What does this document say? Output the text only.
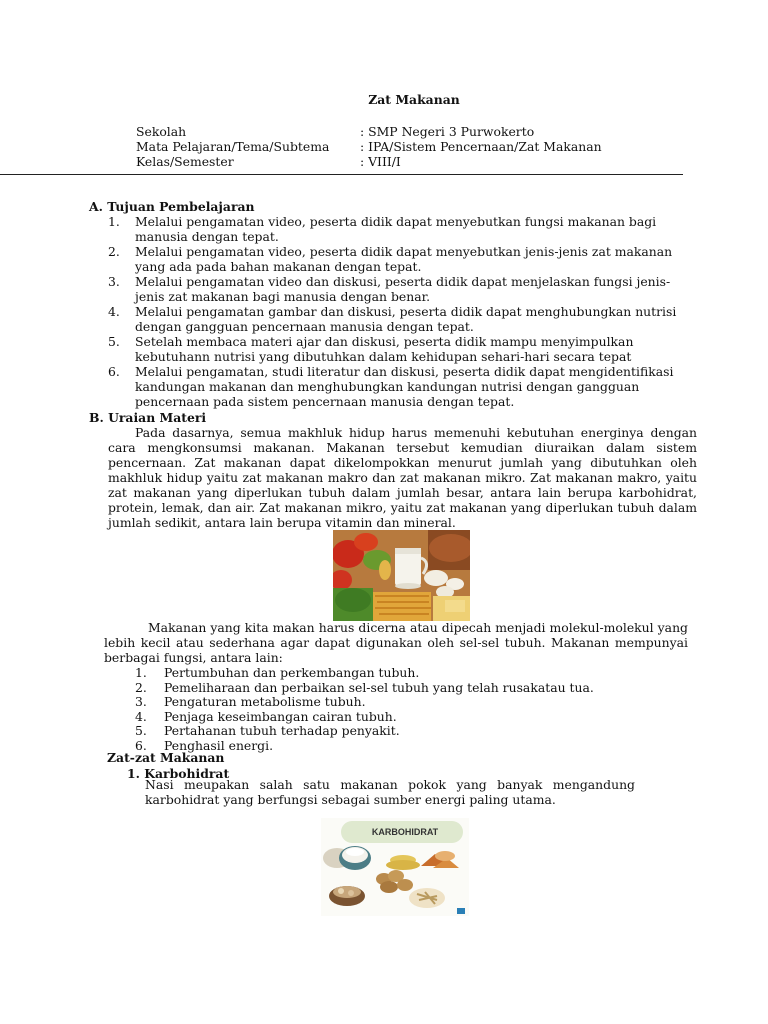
Zat Makanan
Sekolah	: SMP Negeri 3 Purwokerto
Mata Pelajaran/Tema/Subtema : IPA/Sistem Pencernaan/Zat Makanan
Kelas/Semester	: VIII/I
A. Tujuan Pembelajaran
1. Melalui pengamatan video, peserta didik dapat menyebutkan fungsi makanan bagi manusia dengan tepat.
2. Melalui pengamatan video, peserta didik dapat menyebutkan jenis-jenis zat makanan yang ada pada bahan makanan dengan tepat.
3. Melalui pengamatan video dan diskusi, peserta didik dapat menjelaskan fungsi jenis-jenis zat makanan bagi manusia dengan benar.
4. Melalui pengamatan gambar dan diskusi, peserta didik dapat menghubungkan nutrisi dengan gangguan pencernaan manusia dengan tepat.
5. Setelah membaca materi ajar dan diskusi, peserta didik mampu menyimpulkan kebutuhann nutrisi yang dibutuhkan dalam kehidupan sehari-hari secara tepat
6. Melalui pengamatan, studi literatur dan diskusi, peserta didik dapat mengidentifikasi kandungan makanan dan menghubungkan kandungan nutrisi dengan gangguan pencernaan pada sistem pencernaan manusia dengan tepat.
B. Uraian Materi
Pada dasarnya, semua makhluk hidup harus memenuhi kebutuhan energinya dengan cara mengkonsumsi makanan. Makanan tersebut kemudian diuraikan dalam sistem pencernaan. Zat makanan dapat dikelompokkan menurut jumlah yang dibutuhkan oleh makhluk hidup yaitu zat makanan makro dan zat makanan mikro. Zat makanan makro, yaitu zat makanan yang diperlukan tubuh dalam jumlah besar, antara lain berupa karbohidrat, protein, lemak, dan air. Zat makanan mikro, yaitu zat makanan yang diperlukan tubuh dalam jumlah sedikit, antara lain berupa vitamin dan mineral.
Makanan yang kita makan harus dicerna atau dipecah menjadi molekul-molekul yang lebih kecil atau sederhana agar dapat digunakan oleh sel-sel tubuh. Makanan mempunyai berbagai fungsi, antara lain:
1. Pertumbuhan dan perkembangan tubuh.
2. Pemeliharaan dan perbaikan sel-sel tubuh yang telah rusakatau tua.
3. Pengaturan metabolisme tubuh.
4. Penjaga keseimbangan cairan tubuh.
5. Pertahanan tubuh terhadap penyakit.
6. Penghasil energi.
Zat-zat Makanan
1. Karbohidrat
Nasi meupakan salah satu makanan pokok yang banyak mengandung karbohidrat yang berfungsi sebagai sumber energi paling utama.
KARBOHIDRAT
